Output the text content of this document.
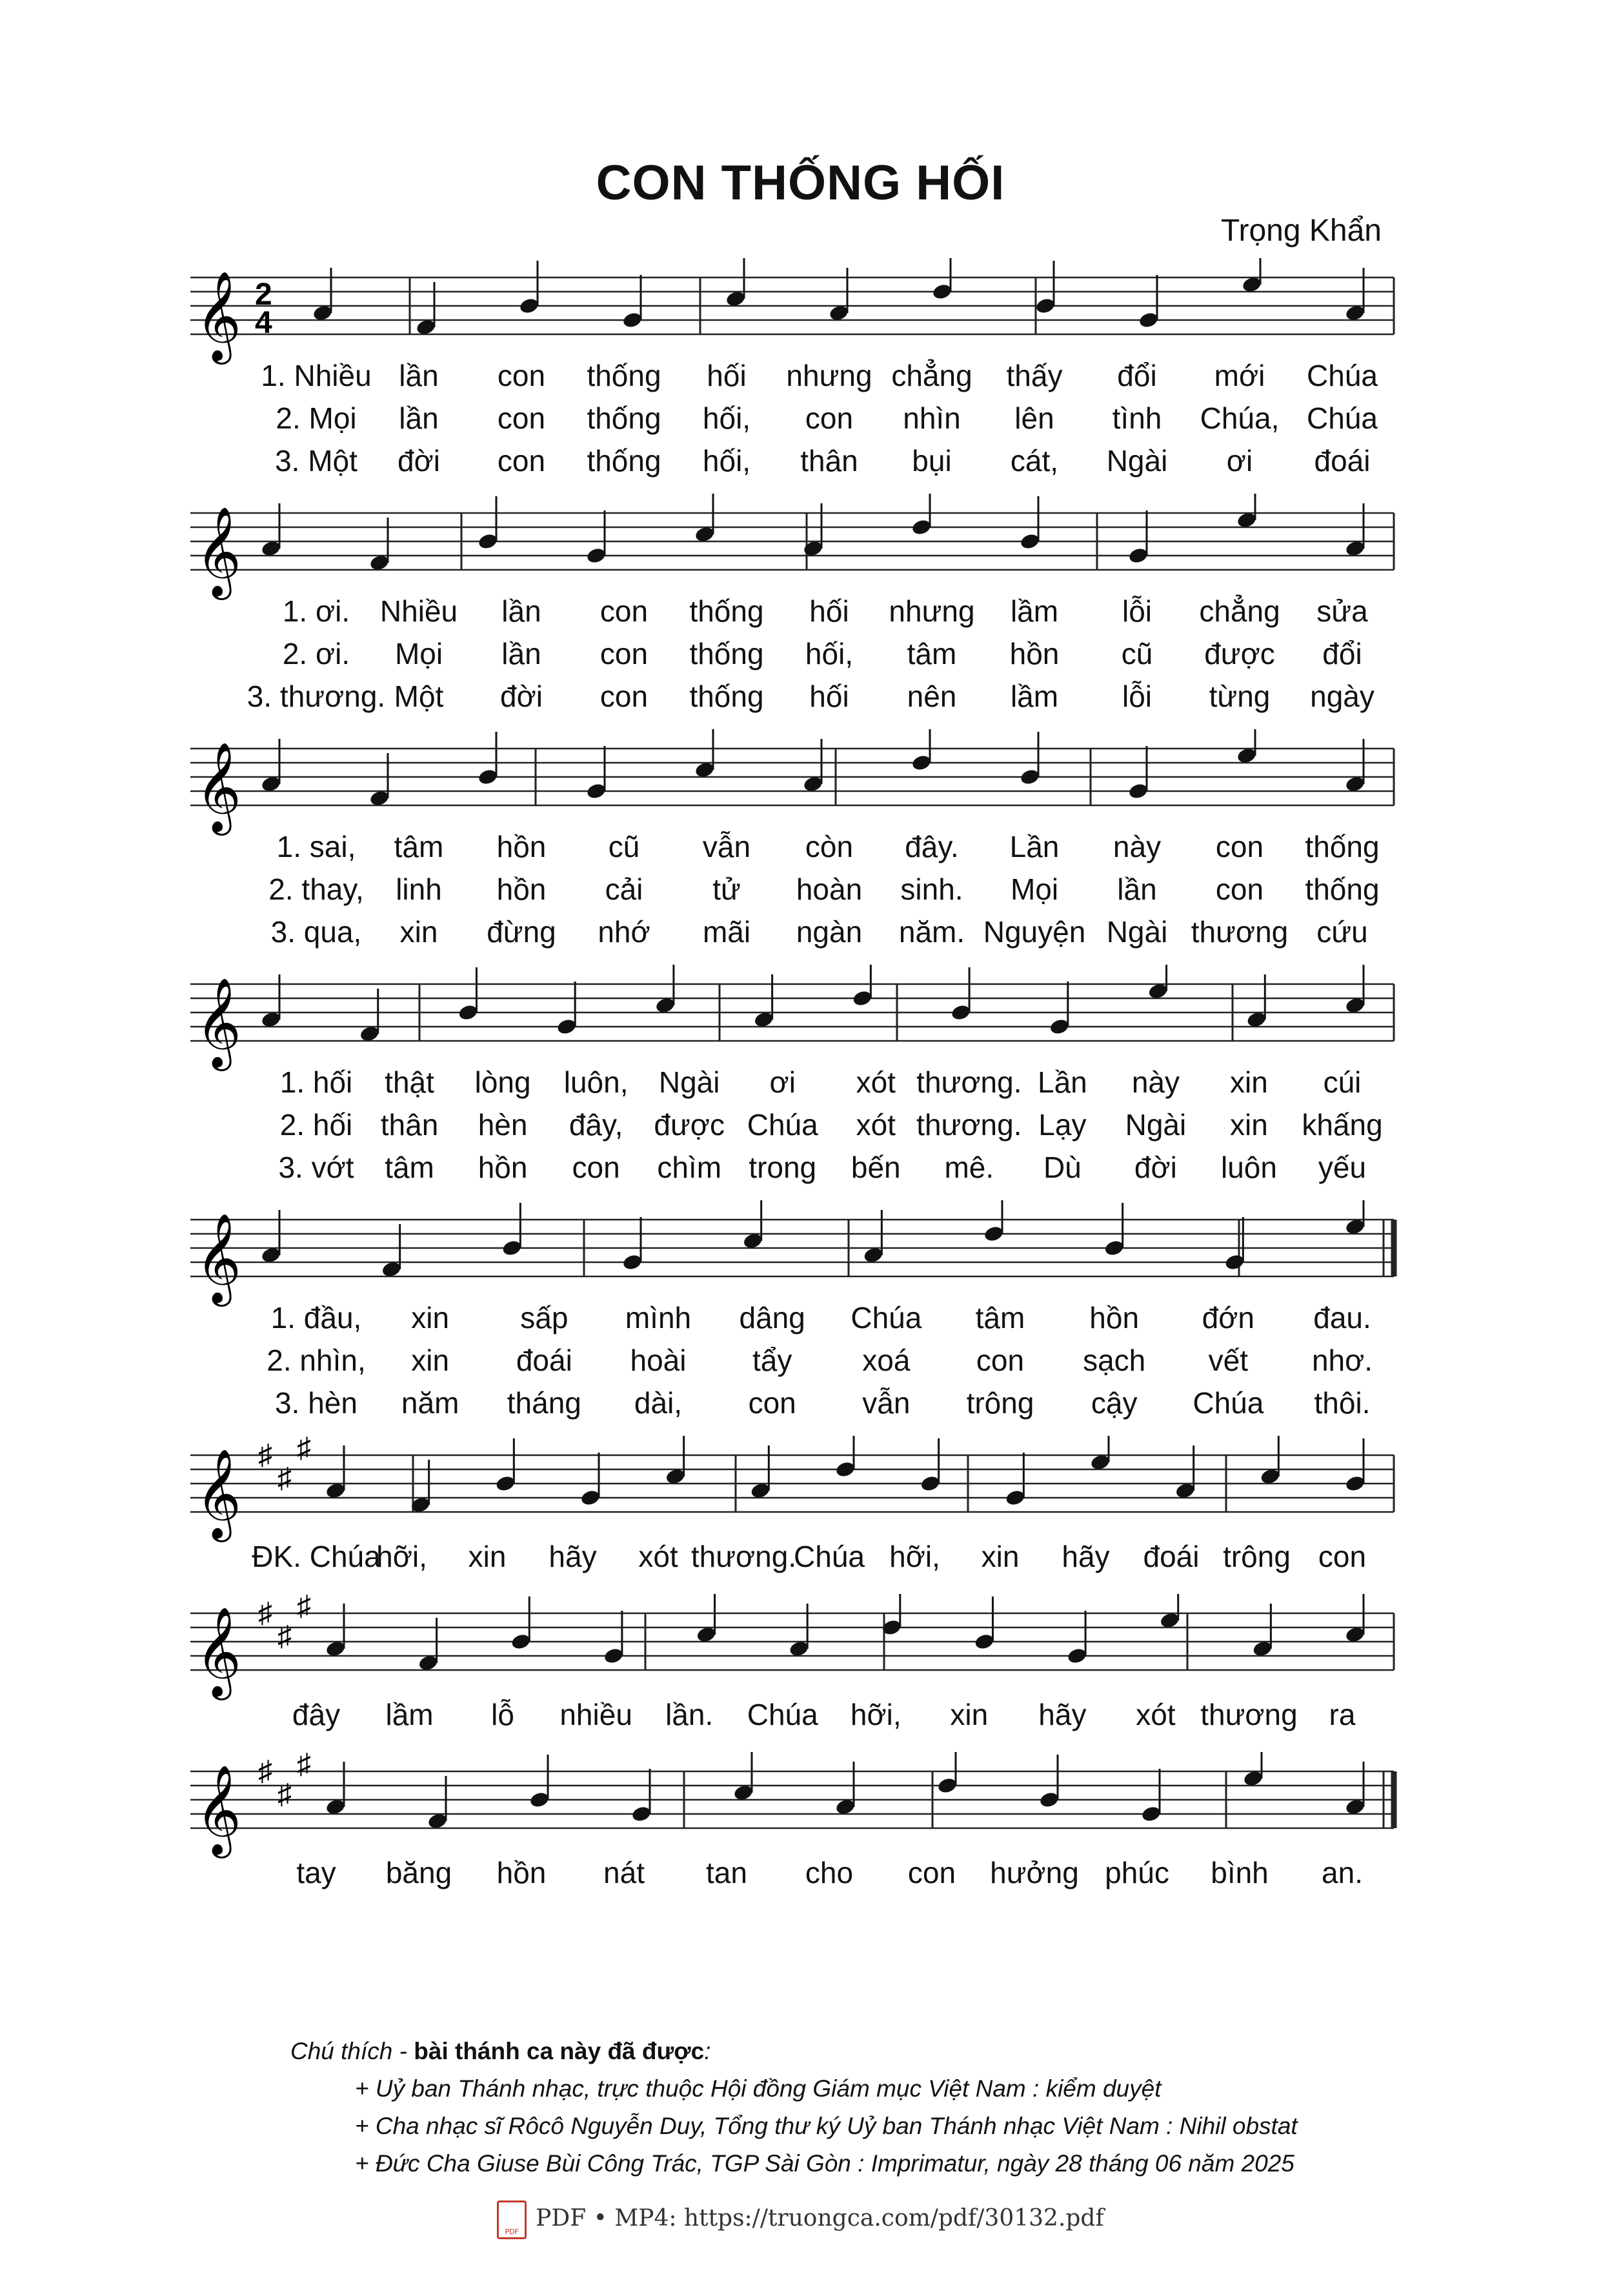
CON THỐNG HỐI
Trọng Khẩn
𝄞 2
4
1. Nhiều lần con thống hối nhưng chẳng thấy đổi mới Chúa
2. Mọi lần con thống hối, con nhìn lên tình Chúa, Chúa
3. Một đời con thống hối, thân bụi cát, Ngài ơi đoái
𝄞
1. ơi. Nhiều lần con thống hối nhưng lầm lỗi chẳng sửa
2. ơi. Mọi lần con thống hối, tâm hồn cũ được đổi
3. thương. Một đời con thống hối nên lầm lỗi từng ngày
𝄞
1. sai, tâm hồn cũ vẫn còn đây. Lần này con thống
2. thay, linh hồn cải tử hoàn sinh. Mọi lần con thống
3. qua, xin đừng nhớ mãi ngàn năm. Nguyện Ngài thương cứu
𝄞
1. hối thật lòng luôn, Ngài ơi xót thương. Lần này xin cúi
2. hối thân hèn đây, được Chúa xót thương. Lạy Ngài xin khấng
3. vớt tâm hồn con chìm trong bến mê. Dù đời luôn yếu
𝄞
1. đầu, xin sấp mình dâng Chúa tâm hồn đớn đau.
2. nhìn, xin đoái hoài tẩy xoá con sạch vết nhơ.
3. hèn năm tháng dài, con vẫn trông cậy Chúa thôi.
𝄞 ♯
♯
♯
ĐK. Chúa
hỡi, xin hãy xót thương.
Chúa hỡi, xin hãy đoái trông con
𝄞 ♯
♯
♯
đây lầm lỗ nhiều lần. Chúa hỡi, xin hãy xót thương ra
𝄞 ♯
♯
♯
tay băng hồn nát tan cho con hưởng phúc bình an.
Chú thích - bài thánh ca này đã được:
+ Uỷ ban Thánh nhạc, trực thuộc Hội đồng Giám mục Việt Nam : kiểm duyệt
+ Cha nhạc sĩ Rôcô Nguyễn Duy, Tổng thư ký Uỷ ban Thánh nhạc Việt Nam : Nihil obstat
+ Đức Cha Giuse Bùi Công Trác, TGP Sài Gòn : Imprimatur, ngày 28 tháng 06 năm 2025
PDFPDF • MP4: https://truongca.com/pdf/30132.pdf
